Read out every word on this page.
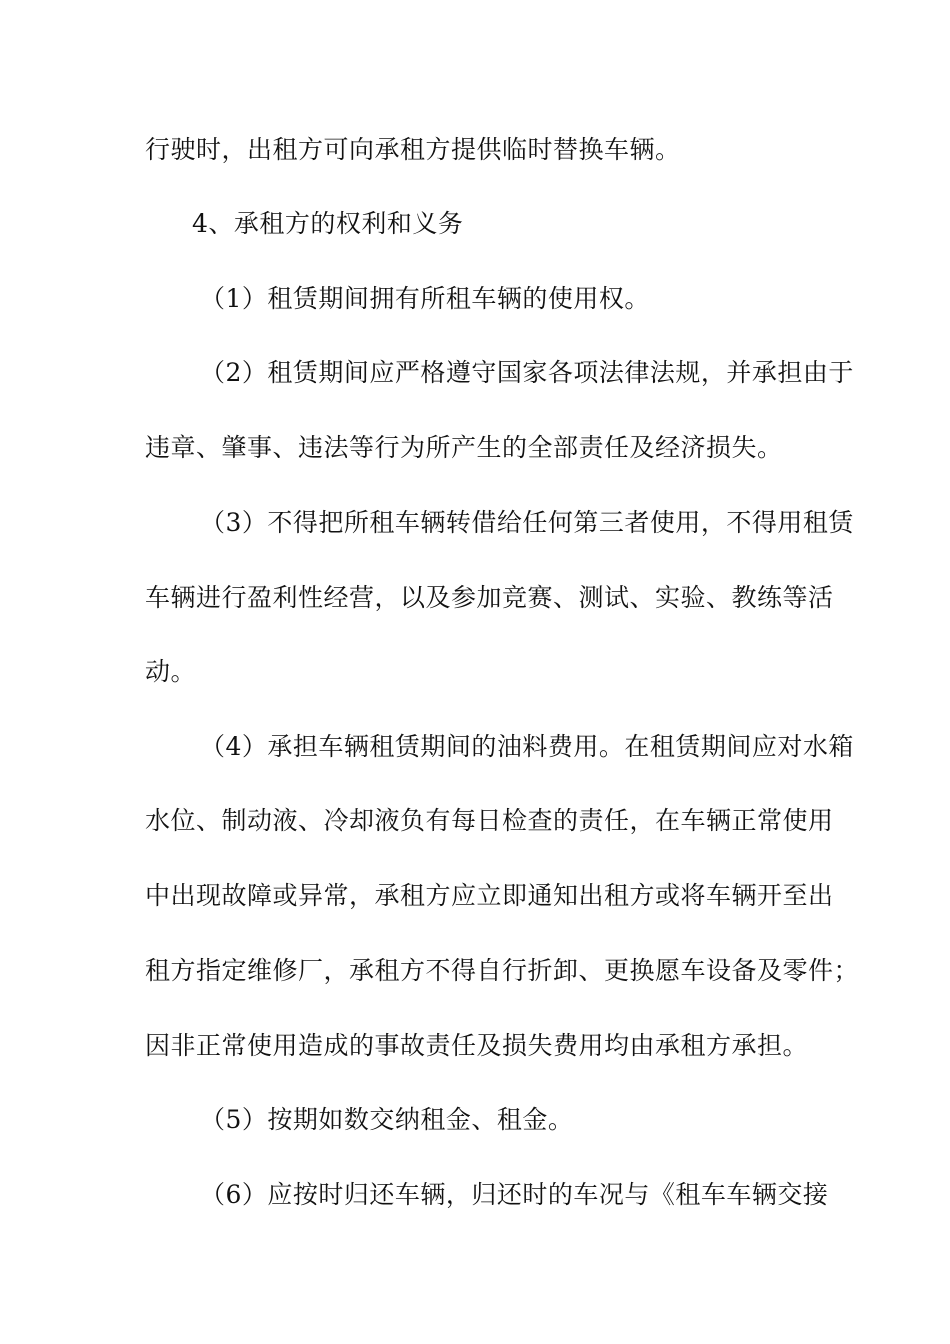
行驶时，出租方可向承租方提供临时替换车辆。
4、承租方的权利和义务
（1）租赁期间拥有所租车辆的使用权。
（2）租赁期间应严格遵守国家各项法律法规，并承担由于
违章、肇事、违法等行为所产生的全部责任及经济损失。
（3）不得把所租车辆转借给任何第三者使用，不得用租赁
车辆进行盈利性经营，以及参加竞赛、测试、实验、教练等活
动。
（4）承担车辆租赁期间的油料费用。在租赁期间应对水箱
水位、制动液、冷却液负有每日检查的责任，在车辆正常使用
中出现故障或异常，承租方应立即通知出租方或将车辆开至出
租方指定维修厂，承租方不得自行折卸、更换愿车设备及零件；
因非正常使用造成的事故责任及损失费用均由承租方承担。
（5）按期如数交纳租金、租金。
（6）应按时归还车辆，归还时的车况与《租车车辆交接
